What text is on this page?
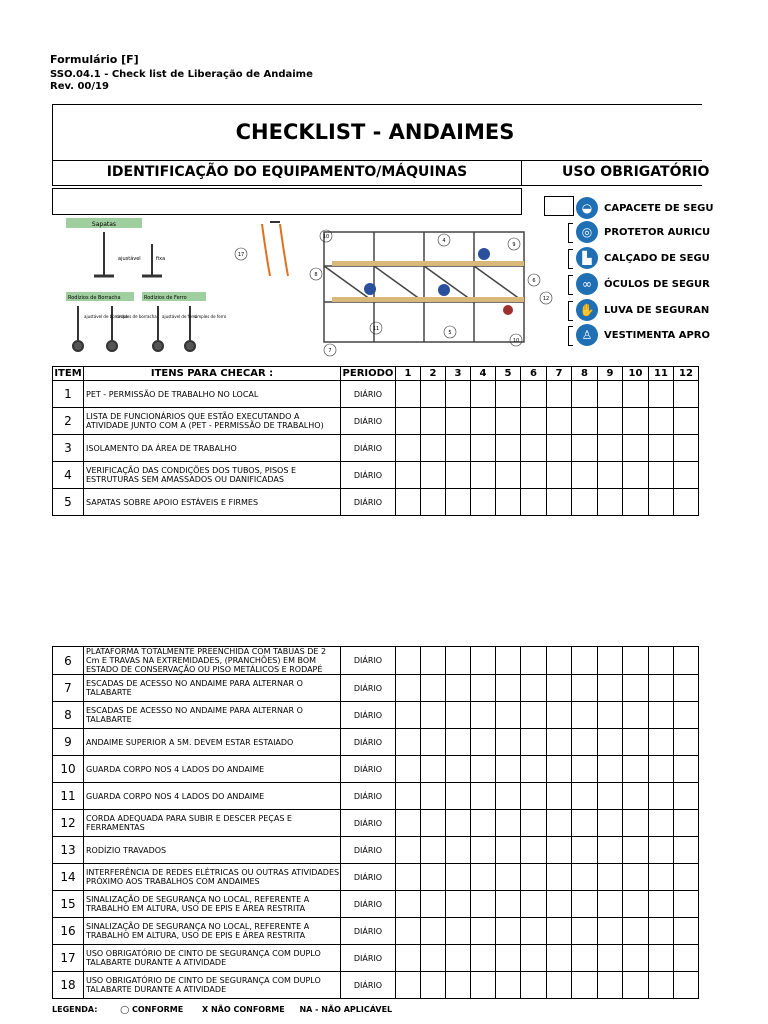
Formulário [F]
SSO.04.1 - Check list de Liberação de Andaime
Rev. 00/19
CHECKLIST - ANDAIMES
IDENTIFICAÇÃO DO EQUIPAMENTO/MÁQUINAS	USO OBRIGATÓRIO
Sapatas
ajustável	fixa
Rodízios de Borracha	Rodízios de Ferro
ajustável de borracha
simples de borracha ajustável de ferro
simples de ferro
10
4
9
8
6
12
17
11
5
10
7
◒	CAPACETE DE SEGU
◎	PROTETOR AURICU
▙	CALÇADO DE SEGU
∞	ÓCULOS DE SEGUR
✋ LUVA DE SEGURAN
♙	VESTIMENTA APRO
ITEM	ITENS PARA CHECAR :	PERIODO	1	2	3	4	5	6	7	8	9	10	11	12
1	PET - PERMISSÃO DE TRABALHO NO LOCAL	DIÁRIO												
2	LISTA DE FUNCIONÁRIOS QUE ESTÃO EXECUTANDO A ATIVIDADE JUNTO COM A (PET - PERMISSÃO DE TRABALHO)	DIÁRIO												
3	ISOLAMENTO DA ÁREA DE TRABALHO	DIÁRIO												
4	VERIFICAÇÃO DAS CONDIÇÕES DOS TUBOS, PISOS E ESTRUTURAS SEM AMASSADOS OU DANIFICADAS	DIÁRIO												
5	SAPATAS SOBRE APOIO ESTÁVEIS E FIRMES	DIÁRIO												
6	PLATAFORMA TOTALMENTE PREENCHIDA COM TABUAS DE 2 Cm E TRAVAS NA EXTREMIDADES, (PRANCHÕES) EM BOM ESTADO DE CONSERVAÇÃO OU PISO METÁLICOS E RODAPÉ	DIÁRIO												
7	ESCADAS DE ACESSO NO ANDAIME PARA ALTERNAR O TALABARTE	DIÁRIO												
8	ESCADAS DE ACESSO NO ANDAIME PARA ALTERNAR O TALABARTE	DIÁRIO												
9	ANDAIME SUPERIOR A 5M. DEVEM ESTAR ESTAIADO	DIÁRIO												
10	GUARDA CORPO NOS 4 LADOS DO ANDAIME	DIÁRIO												
11	GUARDA CORPO NOS 4 LADOS DO ANDAIME	DIÁRIO												
12	CORDA ADEQUADA PARA SUBIR E DESCER PEÇAS E FERRAMENTAS	DIÁRIO												
13	RODÍZIO TRAVADOS	DIÁRIO												
14	INTERFERÊNCIA DE REDES ELÉTRICAS OU OUTRAS ATIVIDADES PRÓXIMO AOS TRABALHOS COM ANDAIMES	DIÁRIO												
15	SINALIZAÇÃO DE SEGURANÇA NO LOCAL, REFERENTE A TRABALHO EM ALTURA, USO DE EPIS E ÁREA RESTRITA	DIÁRIO												
16	SINALIZAÇÃO DE SEGURANÇA NO LOCAL, REFERENTE A TRABALHO EM ALTURA, USO DE EPIS E ÁREA RESTRITA	DIÁRIO												
17	USO OBRIGATÓRIO DE CINTO DE SEGURANÇA COM DUPLO TALABARTE DURANTE A ATIVIDADE	DIÁRIO												
18	USO OBRIGATÓRIO DE CINTO DE SEGURANÇA COM DUPLO TALABARTE DURANTE A ATIVIDADE	DIÁRIO												
LEGENDA:	◯ CONFORME X NÃO CONFORME NA - NÃO APLICÁVEL
